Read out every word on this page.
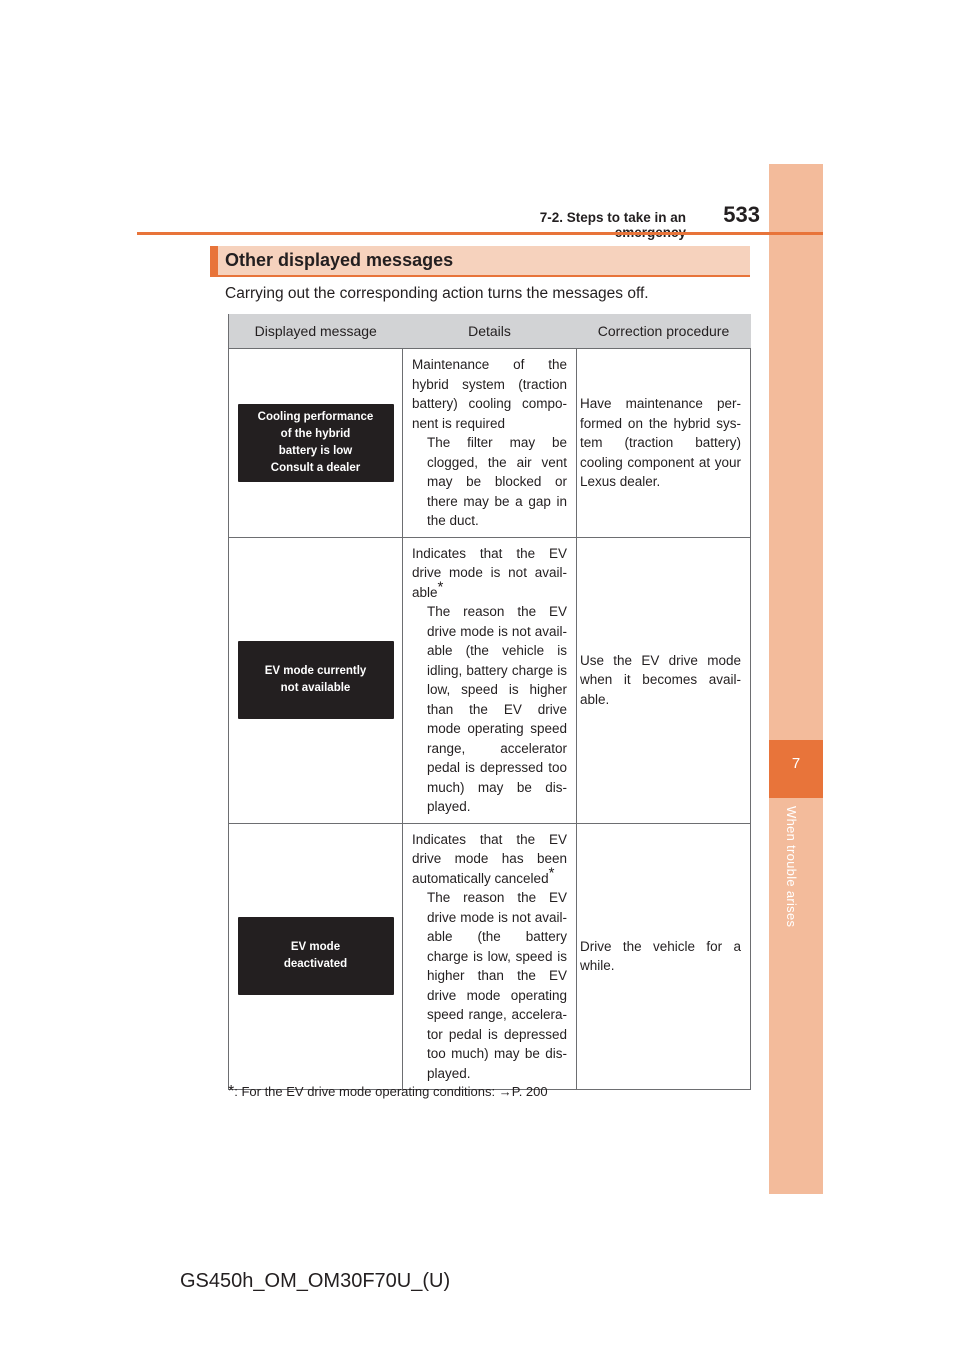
7
When trouble arises
7-2. Steps to take in an	533
Other displayed messages
Carrying out the corresponding action turns the messages off.
Displayed message	Details	Correction procedure

Cooling performance
of the hybrid
battery is low
Consult a dealer	Maintenance of the hybrid system (traction battery) cooling compo-nent is required
The filter may be clogged, the air vent may be blocked or there may be a gap in the duct.	Have maintenance per-formed on the hybrid sys-tem (traction battery) cooling component at your Lexus dealer.

EV mode currently
not available	Indicates that the EV drive mode is not avail-able*
The reason the EV drive mode is not avail-able (the vehicle is idling, battery charge is low, speed is higher than the EV drive mode operating speed range, accelerator pedal is depressed too much) may be dis-played.	Use the EV drive mode when it becomes avail-able.

EV mode
deactivated	Indicates that the EV drive mode has been automatically canceled*
The reason the EV drive mode is not avail-able (the battery charge is low, speed is higher than the EV drive mode operating speed range, accelera-tor pedal is depressed too much) may be dis-played.	Drive the vehicle for a while.
*: For the EV drive mode operating conditions: →P. 200
GS450h_OM_OM30F70U_(U)
